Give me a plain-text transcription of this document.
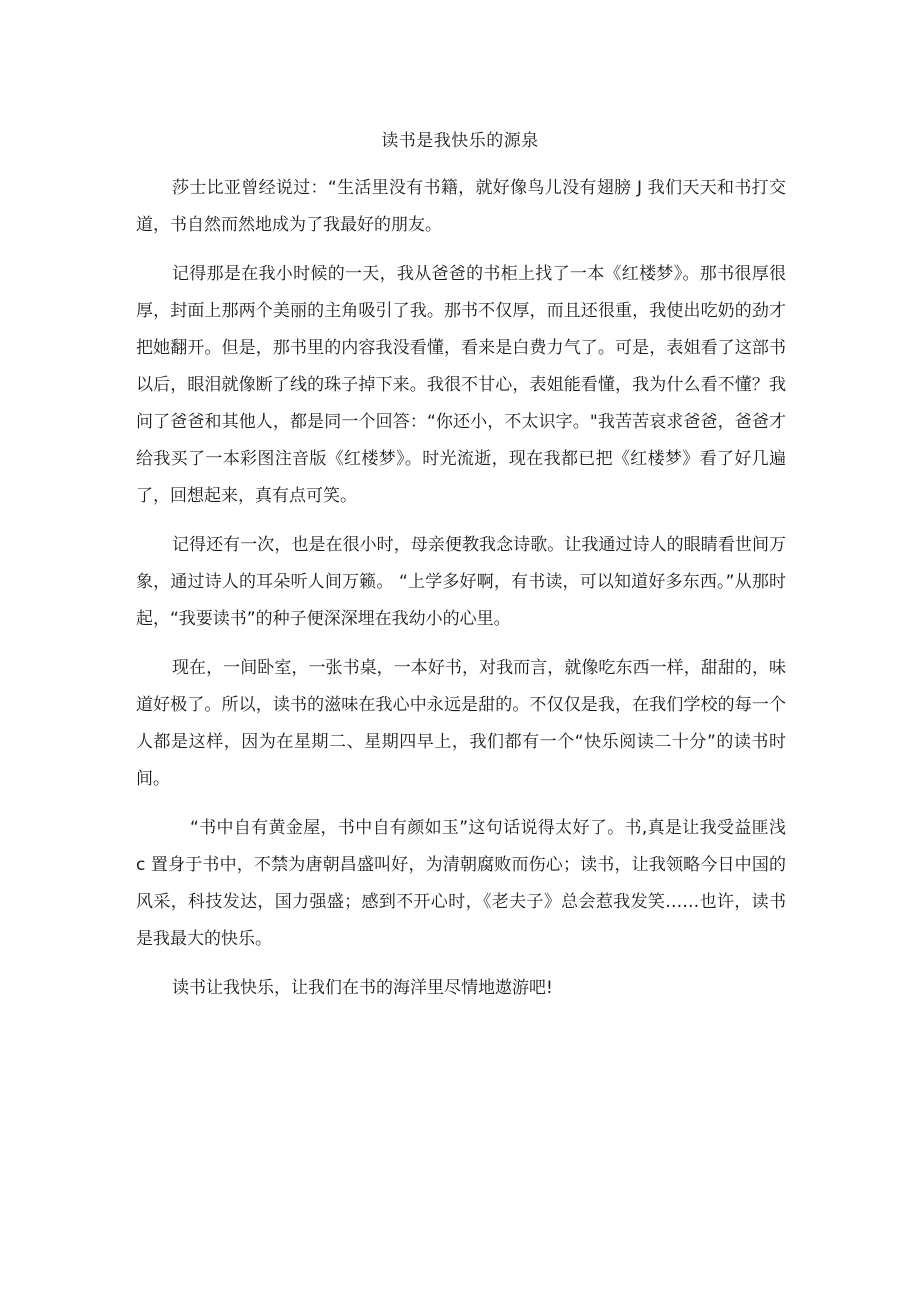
读书是我快乐的源泉

莎士比亚曾经说过：“生活里没有书籍，就好像鸟儿没有翅膀 J 我们天天和书打交道，书自然而然地成为了我最好的朋友。

记得那是在我小时候的一天，我从爸爸的书柜上找了一本《红楼梦》。那书很厚很厚，封面上那两个美丽的主角吸引了我。那书不仅厚，而且还很重，我使出吃奶的劲才把她翻开。但是，那书里的内容我没看懂，看来是白费力气了。可是，表姐看了这部书以后，眼泪就像断了线的珠子掉下来。我很不甘心，表姐能看懂，我为什么看不懂？我问了爸爸和其他人，都是同一个回答：“你还小，不太识字。"我苦苦哀求爸爸，爸爸才给我买了一本彩图注音版《红楼梦》。时光流逝，现在我都已把《红楼梦》看了好几遍了，回想起来，真有点可笑。

记得还有一次，也是在很小时，母亲便教我念诗歌。让我通过诗人的眼睛看世间万象，通过诗人的耳朵听人间万籁。 “上学多好啊，有书读，可以知道好多东西。”从那时起，“我要读书”的种子便深深埋在我幼小的心里。

现在，一间卧室，一张书桌，一本好书，对我而言，就像吃东西一样，甜甜的，味道好极了。所以，读书的滋味在我心中永远是甜的。不仅仅是我，在我们学校的每一个人都是这样，因为在星期二、星期四早上，我们都有一个“快乐阅读二十分”的读书时间。

“书中自有黄金屋，书中自有颜如玉”这句话说得太好了。书,真是让我受益匪浅 c 置身于书中，不禁为唐朝昌盛叫好，为清朝腐败而伤心；读书，让我领略今日中国的风采，科技发达，国力强盛；感到不开心时，《老夫子》总会惹我发笑……也许，读书是我最大的快乐。

读书让我快乐，让我们在书的海洋里尽情地遨游吧!
